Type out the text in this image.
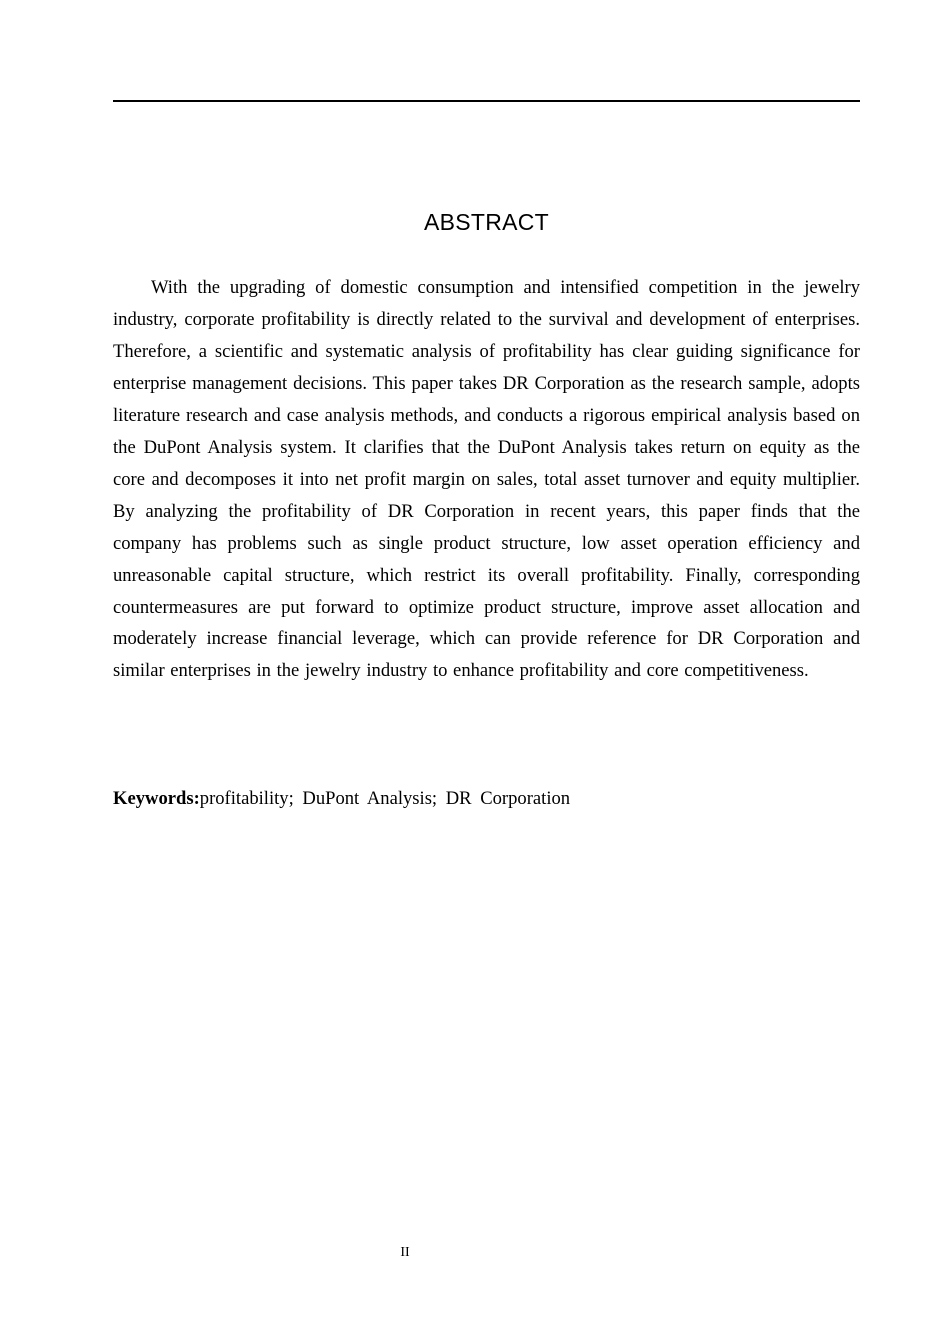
ABSTRACT

With the upgrading of domestic consumption and intensified competition in the jewelry industry, corporate profitability is directly related to the survival and development of enterprises. Therefore, a scientific and systematic analysis of profitability has clear guiding significance for enterprise management decisions. This paper takes DR Corporation as the research sample, adopts literature research and case analysis methods, and conducts a rigorous empirical analysis based on the DuPont Analysis system. It clarifies that the DuPont Analysis takes return on equity as the core and decomposes it into net profit margin on sales, total asset turnover and equity multiplier. By analyzing the profitability of DR Corporation in recent years, this paper finds that the company has problems such as single product structure, low asset operation efficiency and unreasonable capital structure, which restrict its overall profitability. Finally, corresponding countermeasures are put forward to optimize product structure, improve asset allocation and moderately increase financial leverage, which can provide reference for DR Corporation and similar enterprises in the jewelry industry to enhance profitability and core competitiveness.

Keywords:profitability; DuPont Analysis; DR Corporation

II
